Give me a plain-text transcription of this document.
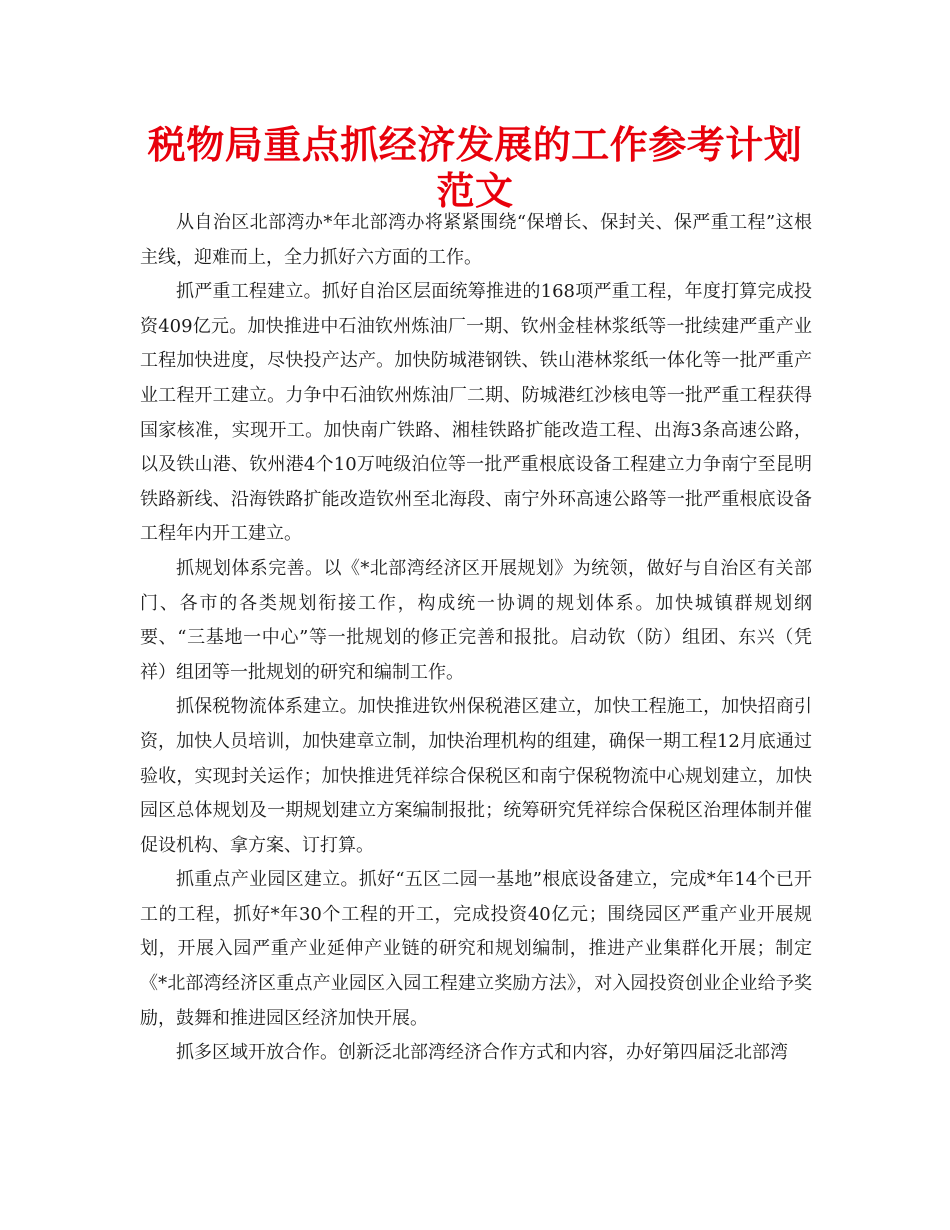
税物局重点抓经济发展的工作参考计划范文

从自治区北部湾办*年北部湾办将紧紧围绕“保增长、保封关、保严重工程”这根主线，迎难而上，全力抓好六方面的工作。

抓严重工程建立。抓好自治区层面统筹推进的168项严重工程，年度打算完成投资409亿元。加快推进中石油钦州炼油厂一期、钦州金桂林浆纸等一批续建严重产业工程加快进度，尽快投产达产。加快防城港钢铁、铁山港林浆纸一体化等一批严重产业工程开工建立。力争中石油钦州炼油厂二期、防城港红沙核电等一批严重工程获得国家核准，实现开工。加快南广铁路、湘桂铁路扩能改造工程、出海3条高速公路，以及铁山港、钦州港4个10万吨级泊位等一批严重根底设备工程建立力争南宁至昆明铁路新线、沿海铁路扩能改造钦州至北海段、南宁外环高速公路等一批严重根底设备工程年内开工建立。

抓规划体系完善。以《*北部湾经济区开展规划》为统领，做好与自治区有关部门、各市的各类规划衔接工作，构成统一协调的规划体系。加快城镇群规划纲要、“三基地一中心”等一批规划的修正完善和报批。启动钦（防）组团、东兴（凭祥）组团等一批规划的研究和编制工作。

抓保税物流体系建立。加快推进钦州保税港区建立，加快工程施工，加快招商引资，加快人员培训，加快建章立制，加快治理机构的组建，确保一期工程12月底通过验收，实现封关运作；加快推进凭祥综合保税区和南宁保税物流中心规划建立，加快园区总体规划及一期规划建立方案编制报批；统筹研究凭祥综合保税区治理体制并催促设机构、拿方案、订打算。

抓重点产业园区建立。抓好“五区二园一基地”根底设备建立，完成*年14个已开工的工程，抓好*年30个工程的开工，完成投资40亿元；围绕园区严重产业开展规划，开展入园严重产业延伸产业链的研究和规划编制，推进产业集群化开展；制定《*北部湾经济区重点产业园区入园工程建立奖励方法》，对入园投资创业企业给予奖励，鼓舞和推进园区经济加快开展。

抓多区域开放合作。创新泛北部湾经济合作方式和内容，办好第四届泛北部湾
